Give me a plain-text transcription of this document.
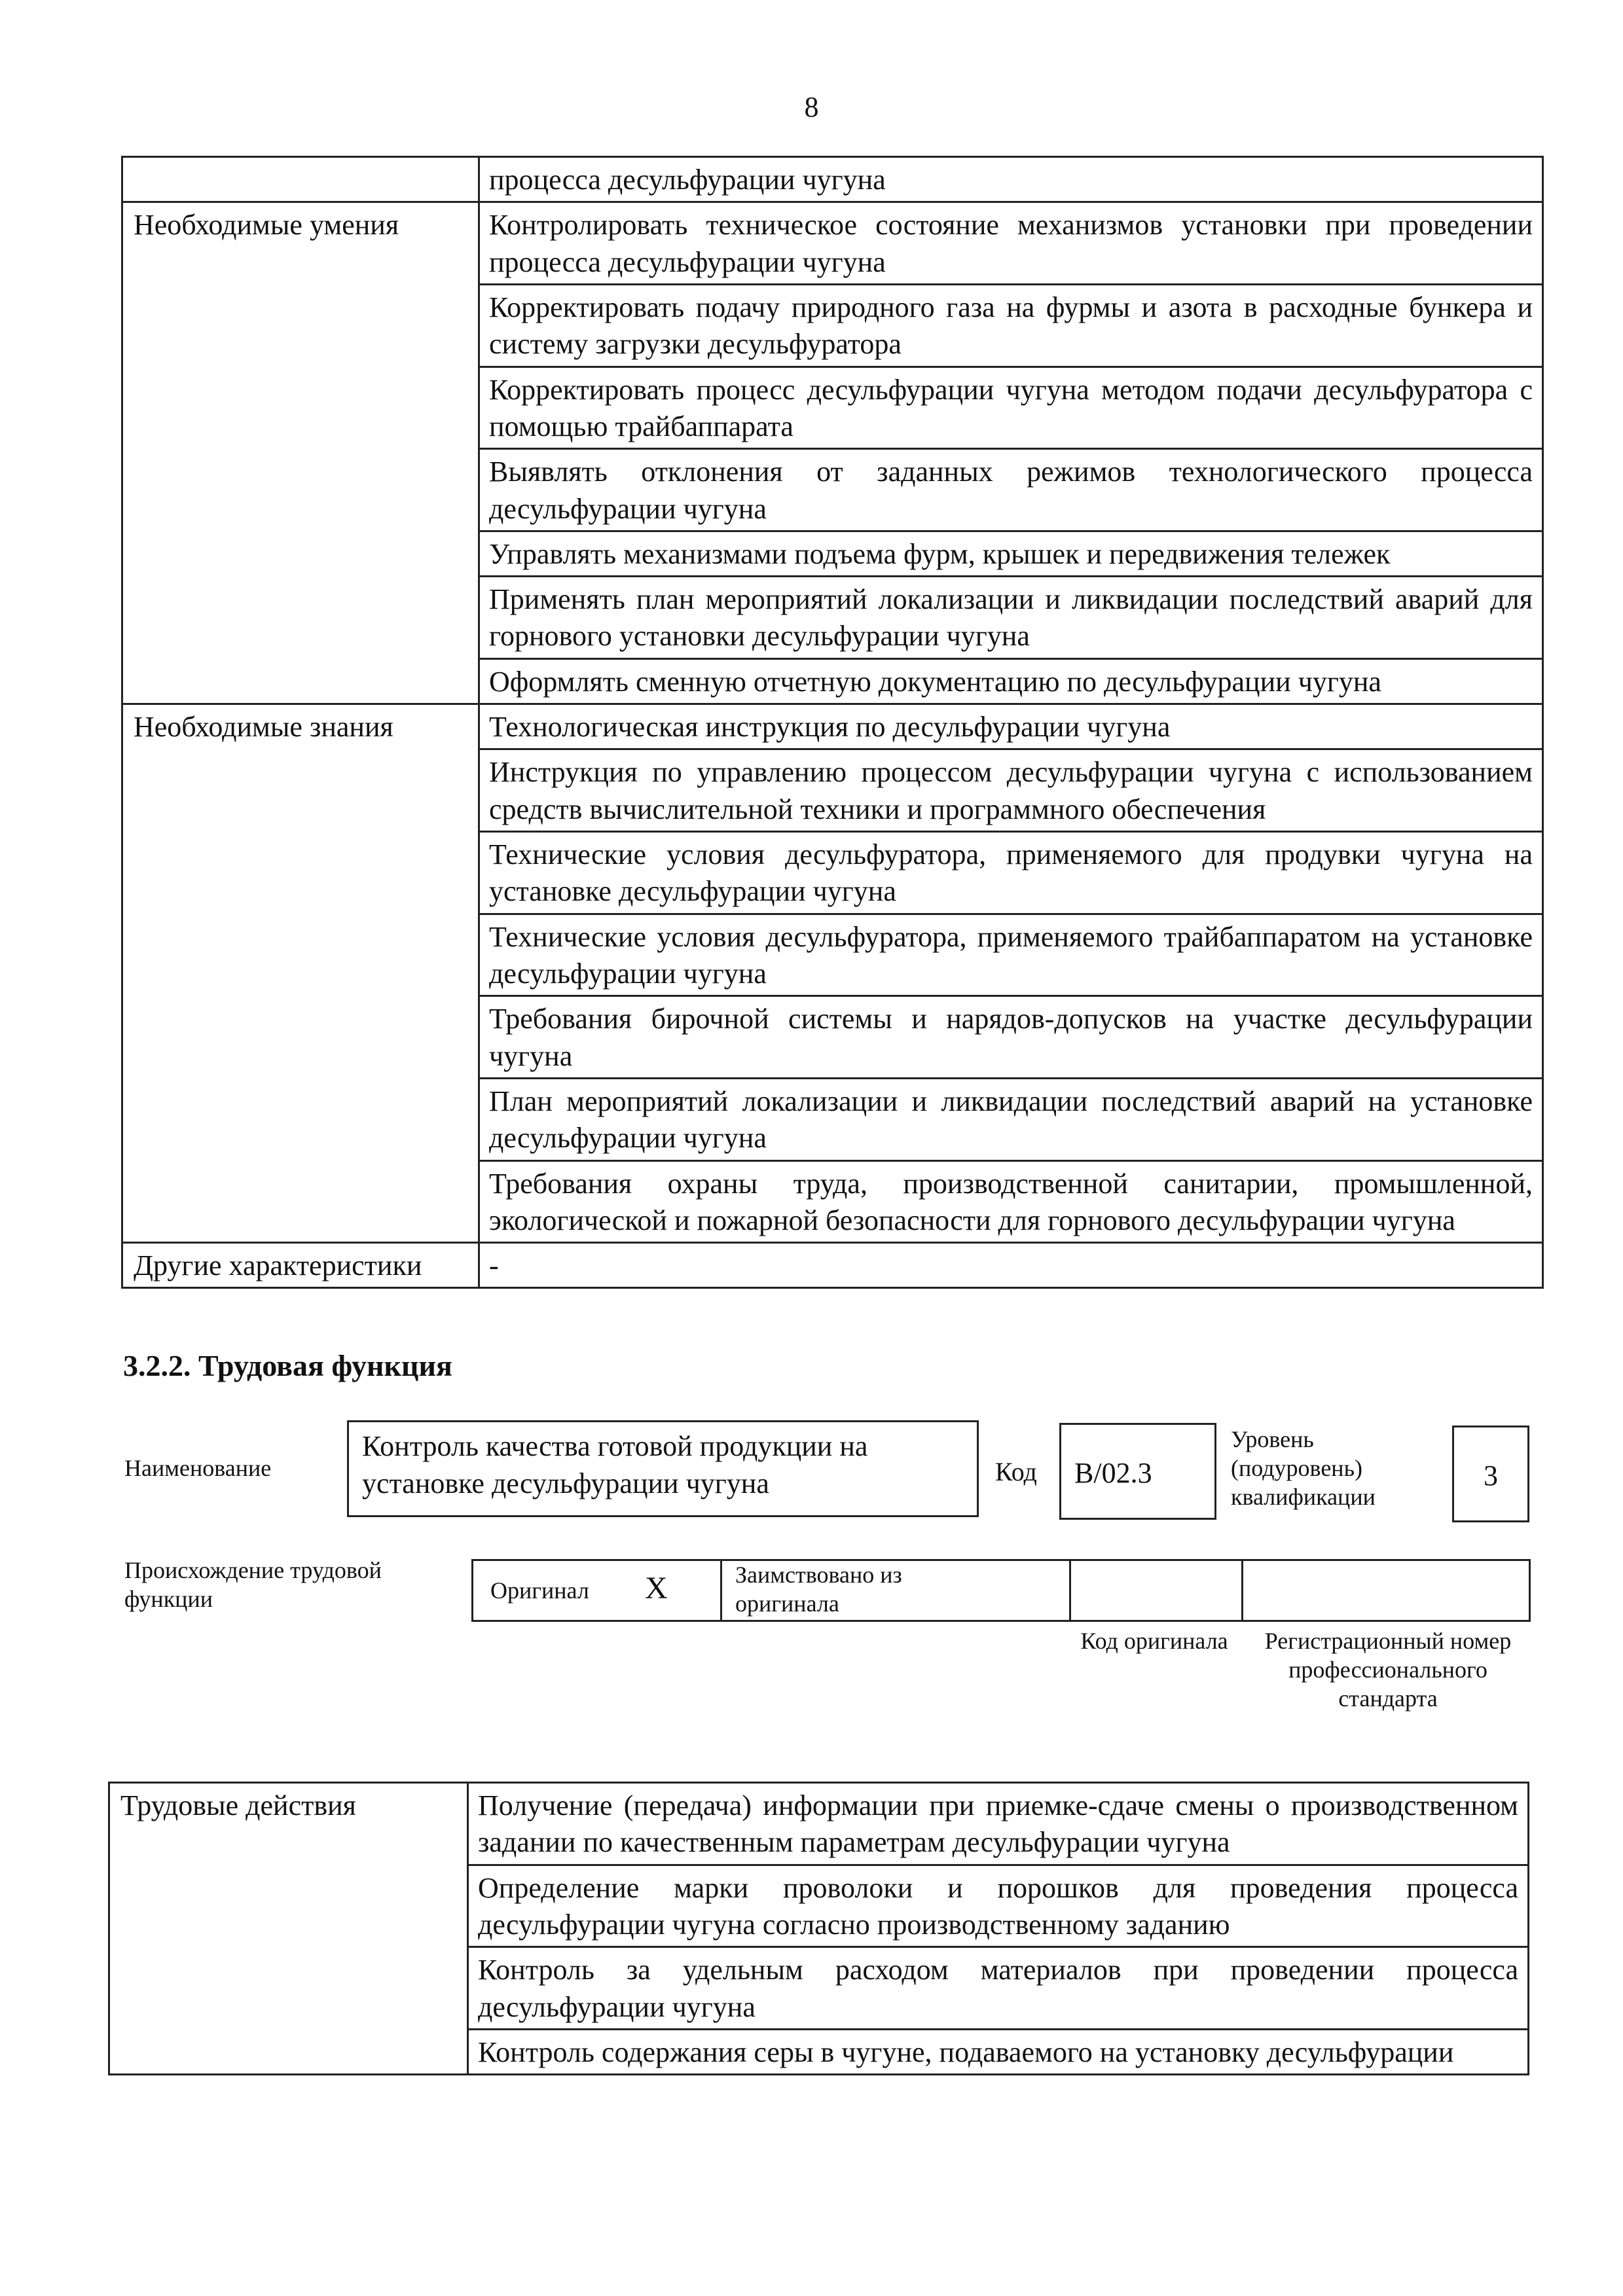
8
	процесса десульфурации чугуна
Необходимые умения	Контролировать техническое состояние механизмов установки при проведении процесса десульфурации чугуна
	Корректировать подачу природного газа на фурмы и азота в расходные бункера и систему загрузки десульфуратора
	Корректировать процесс десульфурации чугуна методом подачи десульфуратора с помощью трайбаппарата
	Выявлять отклонения от заданных режимов технологического процесса десульфурации чугуна
	Управлять механизмами подъема фурм, крышек и передвижения тележек
	Применять план мероприятий локализации и ликвидации последствий аварий для горнового установки десульфурации чугуна
	Оформлять сменную отчетную документацию по десульфурации чугуна
Необходимые знания	Технологическая инструкция по десульфурации чугуна
	Инструкция по управлению процессом десульфурации чугуна с использованием средств вычислительной техники и программного обеспечения
	Технические условия десульфуратора, применяемого для продувки чугуна на установке десульфурации чугуна
	Технические условия десульфуратора, применяемого трайбаппаратом на установке десульфурации чугуна
	Требования бирочной системы и нарядов-допусков на участке десульфурации чугуна
	План мероприятий локализации и ликвидации последствий аварий на установке десульфурации чугуна
	Требования охраны труда, производственной санитарии, промышленной, экологической и пожарной безопасности для горнового десульфурации чугуна
Другие характеристики	-
3.2.2. Трудовая функция
Наименование
Контроль качества готовой продукции на установке десульфурации чугуна	Код B/02.3
Уровень (подуровень) квалификации
3
Происхождение трудовой функции	Оригинал X	Заимствовано из оригинала
Код оригинала Регистрационный номер профессионального стандарта
Трудовые действия	Получение (передача) информации при приемке-сдаче смены о производственном задании по качественным параметрам десульфурации чугуна
Определение марки проволоки и порошков для проведения процесса десульфурации чугуна согласно производственному заданию
Контроль за удельным расходом материалов при проведении процесса десульфурации чугуна
Контроль содержания серы в чугуне, подаваемого на установку десульфурации
